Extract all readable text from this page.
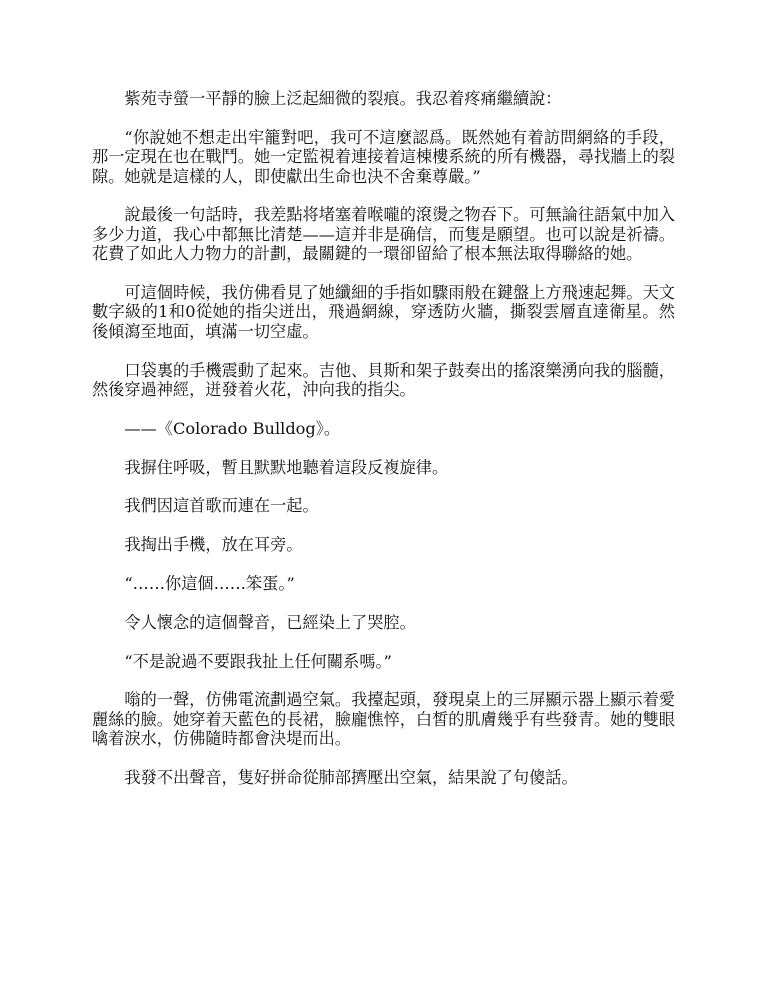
紫苑寺螢一平靜的臉上泛起細微的裂痕。我忍着疼痛繼續說：

“你說她不想走出牢籠對吧，我可不這麼認爲。既然她有着訪問網絡的手段，那一定現在也在戰鬥。她一定監視着連接着這棟樓系統的所有機器，尋找牆上的裂隙。她就是這樣的人，即使獻出生命也決不舍棄尊嚴。”

說最後一句話時，我差點将堵塞着喉嚨的滾燙之物吞下。可無論往語氣中加入多少力道，我心中都無比清楚——這并非是确信，而隻是願望。也可以說是祈禱。花費了如此人力物力的計劃，最關鍵的一環卻留給了根本無法取得聯絡的她。

可這個時候，我仿佛看見了她纖細的手指如驟雨般在鍵盤上方飛速起舞。天文數字級的1和0從她的指尖迸出，飛過網線，穿透防火牆，撕裂雲層直達衛星。然後傾瀉至地面，填滿一切空虛。

口袋裏的手機震動了起來。吉他、貝斯和架子鼓奏出的搖滾樂湧向我的腦髓，然後穿過神經，迸發着火花，沖向我的指尖。

——《Colorado Bulldog》。

我摒住呼吸，暫且默默地聽着這段反複旋律。

我們因這首歌而連在一起。

我掏出手機，放在耳旁。

“……你這個……笨蛋。”

令人懷念的這個聲音，已經染上了哭腔。

“不是說過不要跟我扯上任何關系嗎。”

嗡的一聲，仿佛電流劃過空氣。我擡起頭，發現桌上的三屏顯示器上顯示着愛麗絲的臉。她穿着天藍色的長裙，臉龐憔悴，白皙的肌膚幾乎有些發青。她的雙眼噙着淚水，仿佛隨時都會決堤而出。

我發不出聲音，隻好拼命從肺部擠壓出空氣，結果說了句傻話。
